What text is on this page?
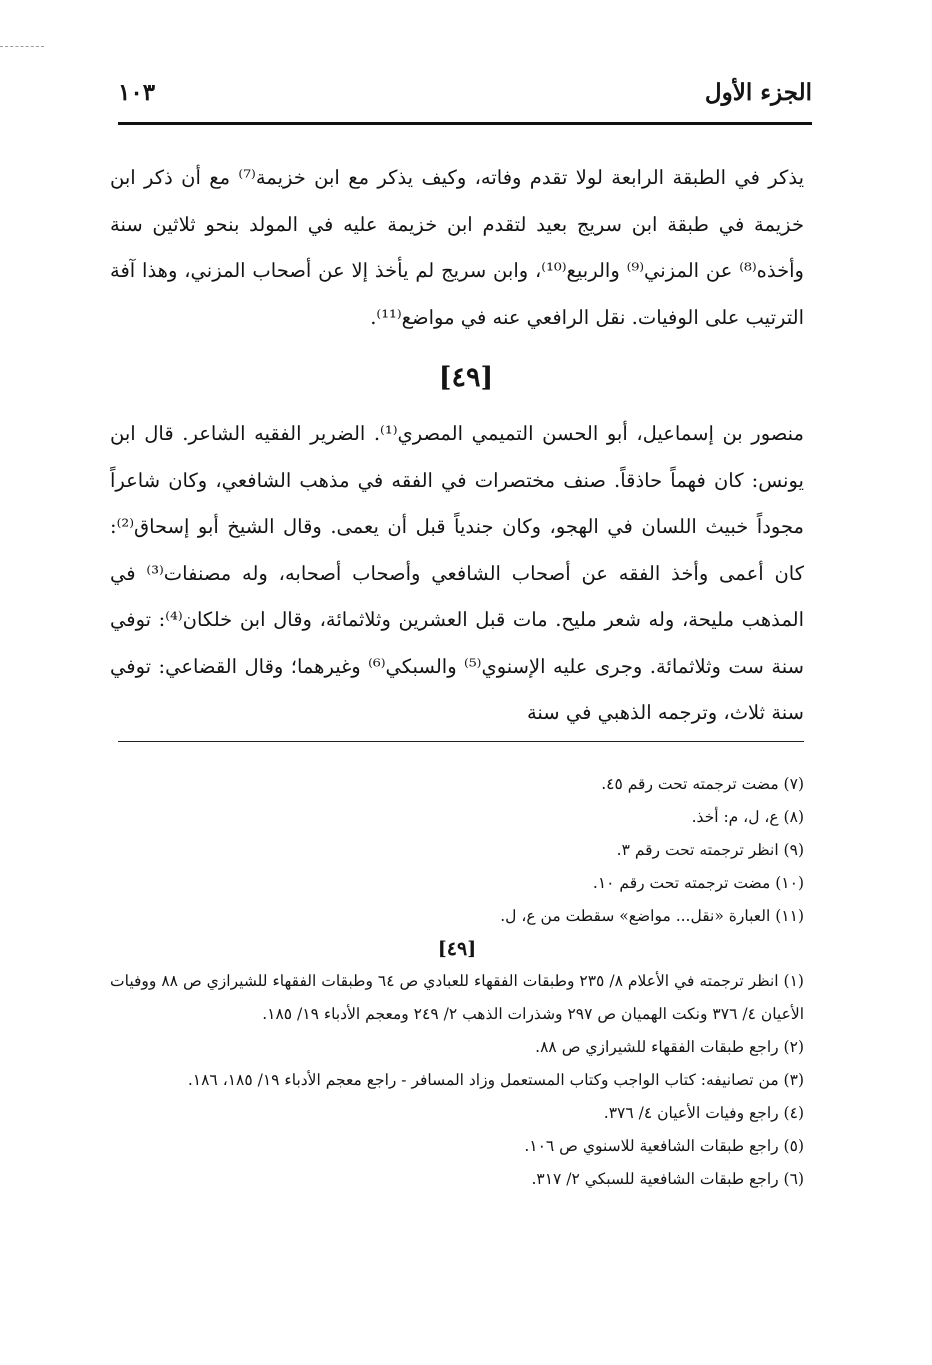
الجزء الأول
١٠٣

يذكر في الطبقة الرابعة لولا تقدم وفاته، وكيف يذكر مع ابن خزيمة⁽⁷⁾ مع أن ذكر ابن خزيمة في طبقة ابن سريج بعيد لتقدم ابن خزيمة عليه في المولد بنحو ثلاثين سنة وأخذه⁽⁸⁾ عن المزني⁽⁹⁾ والربيع⁽¹⁰⁾، وابن سريج لم يأخذ إلا عن أصحاب المزني، وهذا آفة الترتيب على الوفيات. نقل الرافعي عنه في مواضع⁽¹¹⁾.

[٤٩]

منصور بن إسماعيل، أبو الحسن التميمي المصري⁽¹⁾. الضرير الفقيه الشاعر. قال ابن يونس: كان فهماً حاذقاً. صنف مختصرات في الفقه في مذهب الشافعي، وكان شاعراً مجوداً خبيث اللسان في الهجو، وكان جندياً قبل أن يعمى. وقال الشيخ أبو إسحاق⁽²⁾: كان أعمى وأخذ الفقه عن أصحاب الشافعي وأصحاب أصحابه، وله مصنفات⁽³⁾ في المذهب مليحة، وله شعر مليح. مات قبل العشرين وثلاثمائة، وقال ابن خلكان⁽⁴⁾: توفي سنة ست وثلاثمائة. وجرى عليه الإسنوي⁽⁵⁾ والسبكي⁽⁶⁾ وغيرهما؛ وقال القضاعي: توفي سنة ثلاث، وترجمه الذهبي في سنة

(٧) مضت ترجمته تحت رقم ٤٥.

(٨) ع، ل، م: أخذ.

(٩) انظر ترجمته تحت رقم ٣.

(١٠) مضت ترجمته تحت رقم ١٠.

(١١) العبارة «نقل... مواضع» سقطت من ع، ل.

[٤٩]

(١) انظر ترجمته في الأعلام ٨/ ٢٣٥ وطبقات الفقهاء للعبادي ص ٦٤ وطبقات الفقهاء للشيرازي ص ٨٨ ووفيات الأعيان ٤/ ٣٧٦ ونكت الهميان ص ٢٩٧ وشذرات الذهب ٢/ ٢٤٩ ومعجم الأدباء ١٩/ ١٨٥.

(٢) راجع طبقات الفقهاء للشيرازي ص ٨٨.

(٣) من تصانيفه: كتاب الواجب وكتاب المستعمل وزاد المسافر - راجع معجم الأدباء ١٩/ ١٨٥، ١٨٦.

(٤) راجع وفيات الأعيان ٤/ ٣٧٦.

(٥) راجع طبقات الشافعية للاسنوي ص ١٠٦.

(٦) راجع طبقات الشافعية للسبكي ٢/ ٣١٧.
